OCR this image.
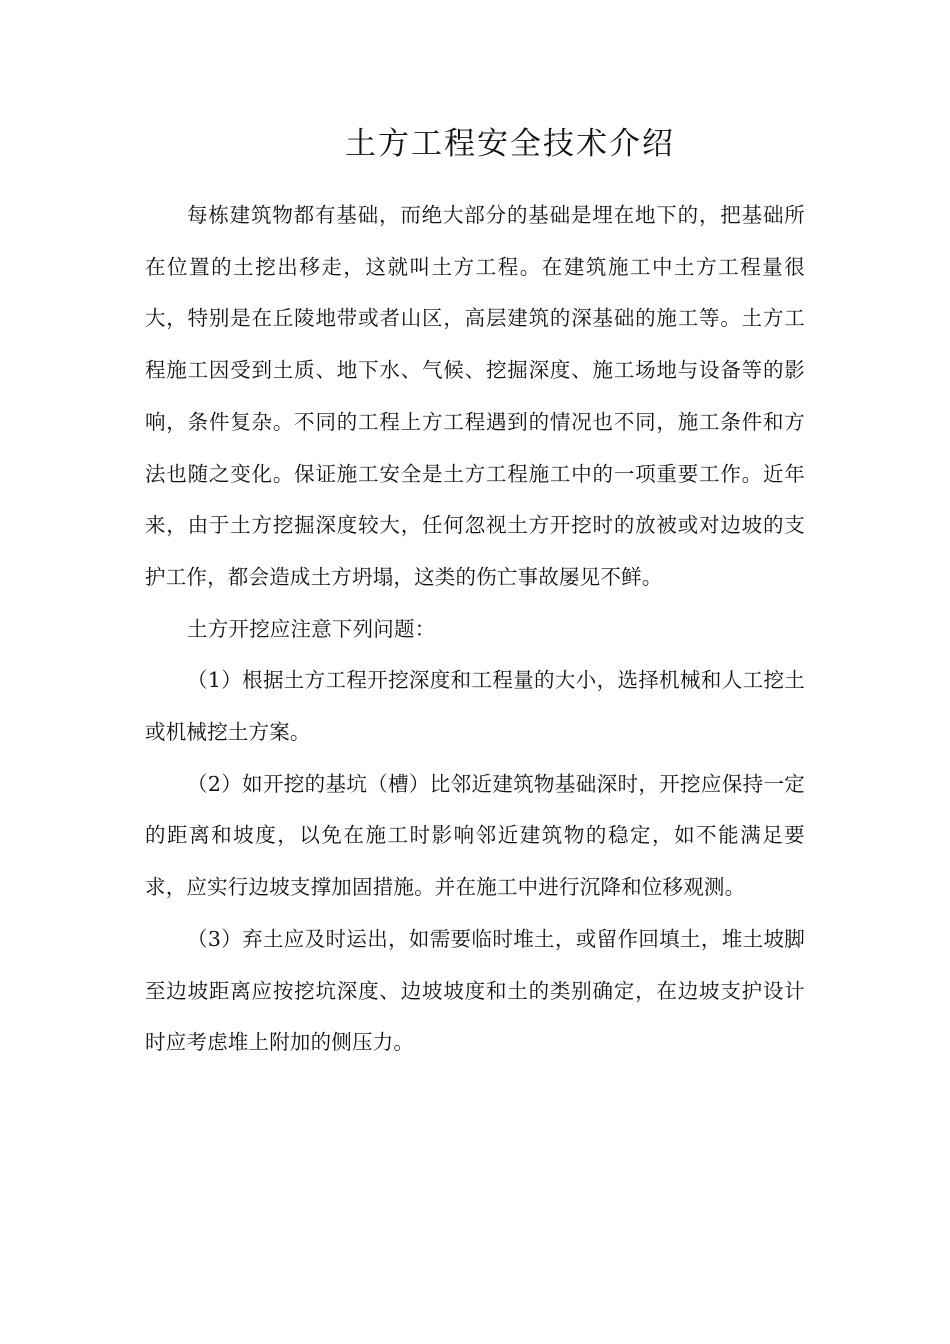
土方工程安全技术介绍

每栋建筑物都有基础，而绝大部分的基础是埋在地下的，把基础所在位置的土挖出移走，这就叫土方工程。在建筑施工中土方工程量很大，特别是在丘陵地带或者山区，高层建筑的深基础的施工等。土方工程施工因受到土质、地下水、气候、挖掘深度、施工场地与设备等的影响，条件复杂。不同的工程上方工程遇到的情况也不同，施工条件和方法也随之变化。保证施工安全是土方工程施工中的一项重要工作。近年来，由于土方挖掘深度较大，任何忽视土方开挖时的放被或对边坡的支护工作，都会造成土方坍塌，这类的伤亡事故屡见不鲜。

土方开挖应注意下列问题：

（1）根据土方工程开挖深度和工程量的大小，选择机械和人工挖土或机械挖土方案。

（2）如开挖的基坑（槽）比邻近建筑物基础深时，开挖应保持一定的距离和坡度，以免在施工时影响邻近建筑物的稳定，如不能满足要求，应实行边坡支撑加固措施。并在施工中进行沉降和位移观测。

（3）弃土应及时运出，如需要临时堆土，或留作回填土，堆土坡脚至边坡距离应按挖坑深度、边坡坡度和土的类别确定，在边坡支护设计时应考虑堆上附加的侧压力。
